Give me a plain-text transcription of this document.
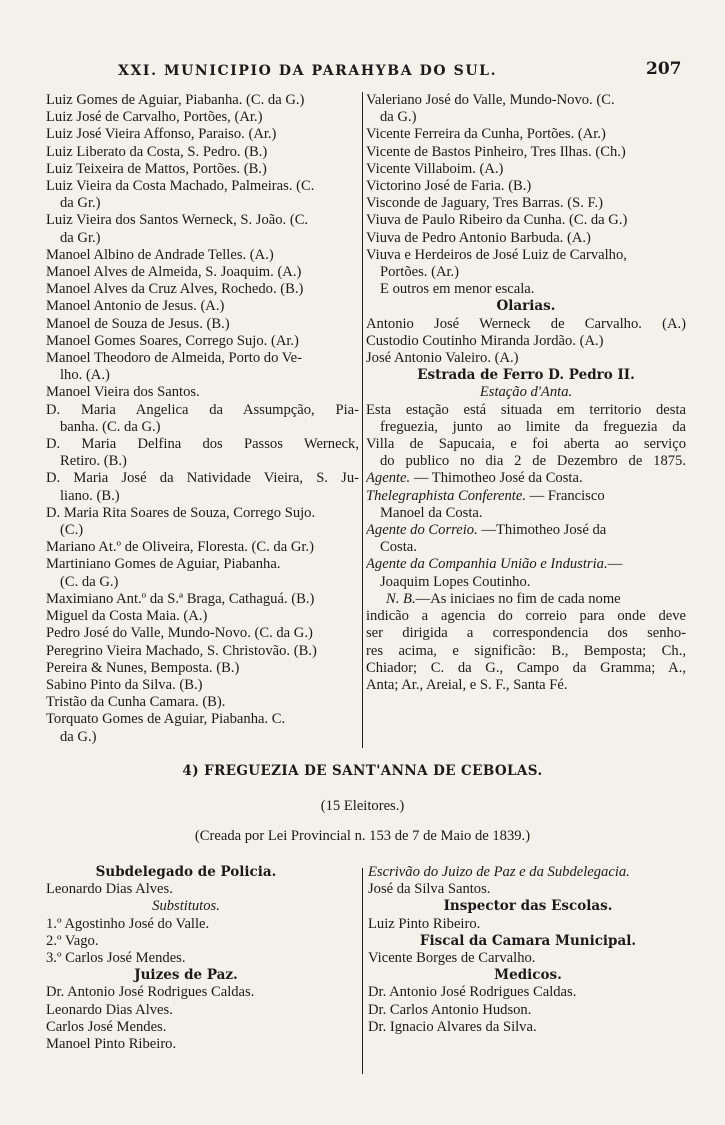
XXI. MUNICIPIO DA PARAHYBA DO SUL.	207
Luiz Gomes de Aguiar, Piabanha. (C. da G.)
Luiz José de Carvalho, Portões, (Ar.)
Luiz José Vieira Affonso, Paraiso. (Ar.)
Luiz Liberato da Costa, S. Pedro. (B.)
Luiz Teixeira de Mattos, Portões. (B.)
Luiz Vieira da Costa Machado, Palmeiras. (C.
da Gr.)
Luiz Vieira dos Santos Werneck, S. João. (C.
da Gr.)
Manoel Albino de Andrade Telles. (A.)
Manoel Alves de Almeida, S. Joaquim. (A.)
Manoel Alves da Cruz Alves, Rochedo. (B.)
Manoel Antonio de Jesus. (A.)
Manoel de Souza de Jesus. (B.)
Manoel Gomes Soares, Corrego Sujo. (Ar.)
Manoel Theodoro de Almeida, Porto do Ve-
lho. (A.)
Manoel Vieira dos Santos.
D. Maria Angelica da Assumpção, Pia-
banha. (C. da G.)
D. Maria Delfina dos Passos Werneck,
Retiro. (B.)
D. Maria José da Natividade Vieira, S. Ju-
liano. (B.)
D. Maria Rita Soares de Souza, Corrego Sujo.
(C.)
Mariano At.º de Oliveira, Floresta. (C. da Gr.)
Martiniano Gomes de Aguiar, Piabanha.
(C. da G.)
Maximiano Ant.º da S.ª Braga, Cathaguá. (B.)
Miguel da Costa Maia. (A.)
Pedro José do Valle, Mundo-Novo. (C. da G.)
Peregrino Vieira Machado, S. Christovão. (B.)
Pereira & Nunes, Bemposta. (B.)
Sabino Pinto da Silva. (B.)
Tristão da Cunha Camara. (B).
Torquato Gomes de Aguiar, Piabanha. C.
da G.)
Valeriano José do Valle, Mundo-Novo. (C.
da G.)
Vicente Ferreira da Cunha, Portões. (Ar.)
Vicente de Bastos Pinheiro, Tres Ilhas. (Ch.)
Vicente Villaboim. (A.)
Victorino José de Faria. (B.)
Visconde de Jaguary, Tres Barras. (S. F.)
Viuva de Paulo Ribeiro da Cunha. (C. da G.)
Viuva de Pedro Antonio Barbuda. (A.)
Viuva e Herdeiros de José Luiz de Carvalho,
Portões. (Ar.)
E outros em menor escala.
Olarias.
Antonio José Werneck de Carvalho. (A.)
Custodio Coutinho Miranda Jordão. (A.)
José Antonio Valeiro. (A.)
Estrada de Ferro D. Pedro II.
Estação d'Anta.
Esta estação está situada em territorio desta
freguezia, junto ao limite da freguezia da
Villa de Sapucaia, e foi aberta ao serviço
do publico no dia 2 de Dezembro de 1875.
Agente. — Thimotheo José da Costa.
Thelegraphista Conferente. — Francisco
Manoel da Costa.
Agente do Correio. —Thimotheo José da
Costa.
Agente da Companhia União e Industria.—
Joaquim Lopes Coutinho.
N. B.—As iniciaes no fim de cada nome
indicão a agencia do correio para onde deve
ser dirigida a correspondencia dos senho-
res acima, e significão: B., Bemposta; Ch.,
Chiador; C. da G., Campo da Gramma; A.,
Anta; Ar., Areial, e S. F., Santa Fé.
4) FREGUEZIA DE SANT'ANNA DE CEBOLAS.
(15 Eleitores.)
(Creada por Lei Provincial n. 153 de 7 de Maio de 1839.)
Subdelegado de Policia.
Leonardo Dias Alves.
Substitutos.
1.º Agostinho José do Valle.
2.º Vago.
3.º Carlos José Mendes.
Juizes de Paz.
Dr. Antonio José Rodrigues Caldas.
Leonardo Dias Alves.
Carlos José Mendes.
Manoel Pinto Ribeiro.
Escrivão do Juizo de Paz e da Subdelegacia.
José da Silva Santos.
Inspector das Escolas.
Luiz Pinto Ribeiro.
Fiscal da Camara Municipal.
Vicente Borges de Carvalho.
Medicos.
Dr. Antonio José Rodrigues Caldas.
Dr. Carlos Antonio Hudson.
Dr. Ignacio Alvares da Silva.
